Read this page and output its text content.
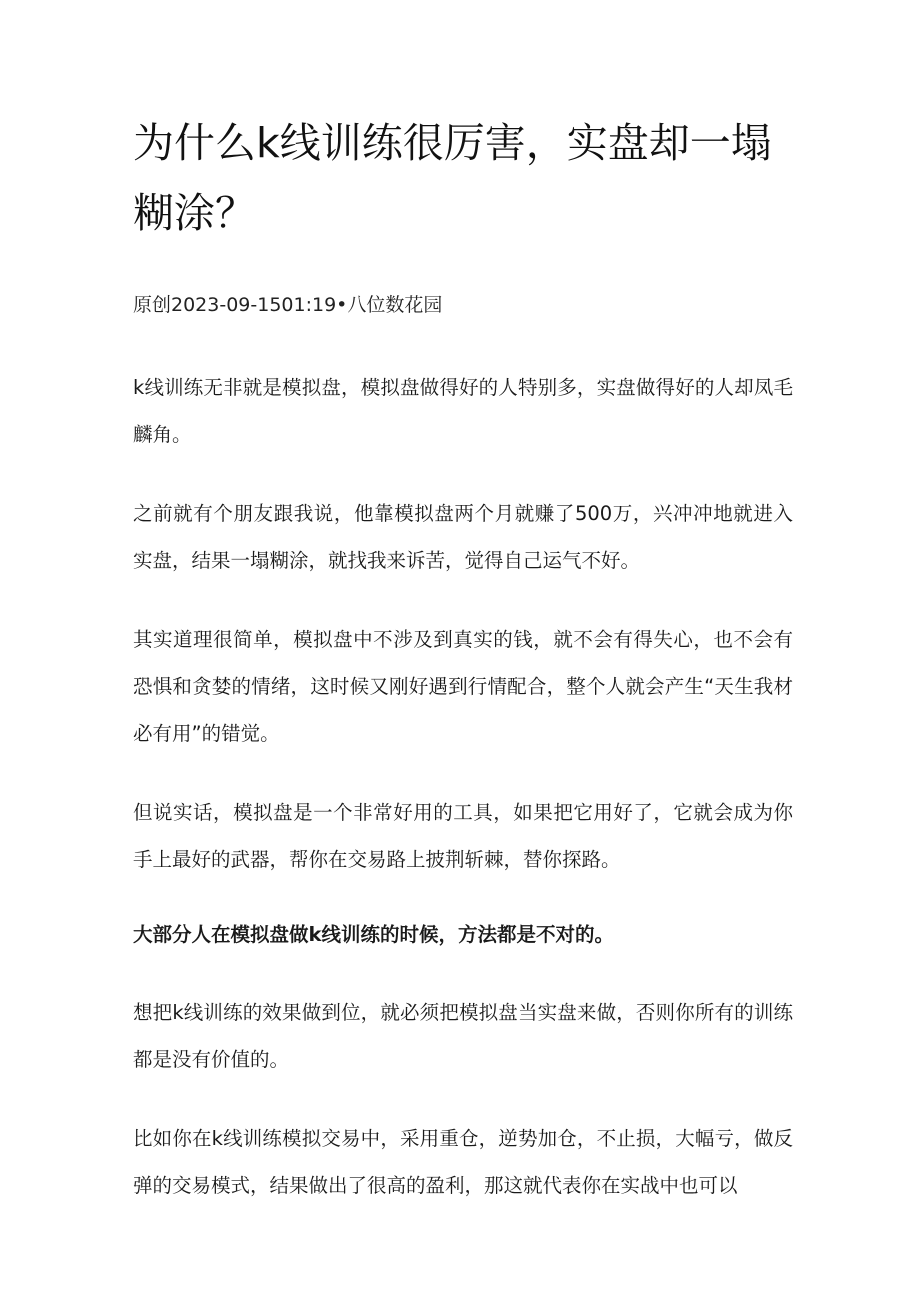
为什么k线训练很厉害，实盘却一塌糊涂？
原创2023-09-1501:19•八位数花园

k线训练无非就是模拟盘，模拟盘做得好的人特别多，实盘做得好的人却凤毛麟角。

之前就有个朋友跟我说，他靠模拟盘两个月就赚了500万，兴冲冲地就进入实盘，结果一塌糊涂，就找我来诉苦，觉得自己运气不好。

其实道理很简单，模拟盘中不涉及到真实的钱，就不会有得失心，也不会有恐惧和贪婪的情绪，这时候又刚好遇到行情配合，整个人就会产生“天生我材必有用”的错觉。

但说实话，模拟盘是一个非常好用的工具，如果把它用好了，它就会成为你手上最好的武器，帮你在交易路上披荆斩棘，替你探路。

大部分人在模拟盘做k线训练的时候，方法都是不对的。

想把k线训练的效果做到位，就必须把模拟盘当实盘来做，否则你所有的训练都是没有价值的。

比如你在k线训练模拟交易中，采用重仓，逆势加仓，不止损，大幅亏，做反弹的交易模式，结果做出了很高的盈利，那这就代表你在实战中也可以
